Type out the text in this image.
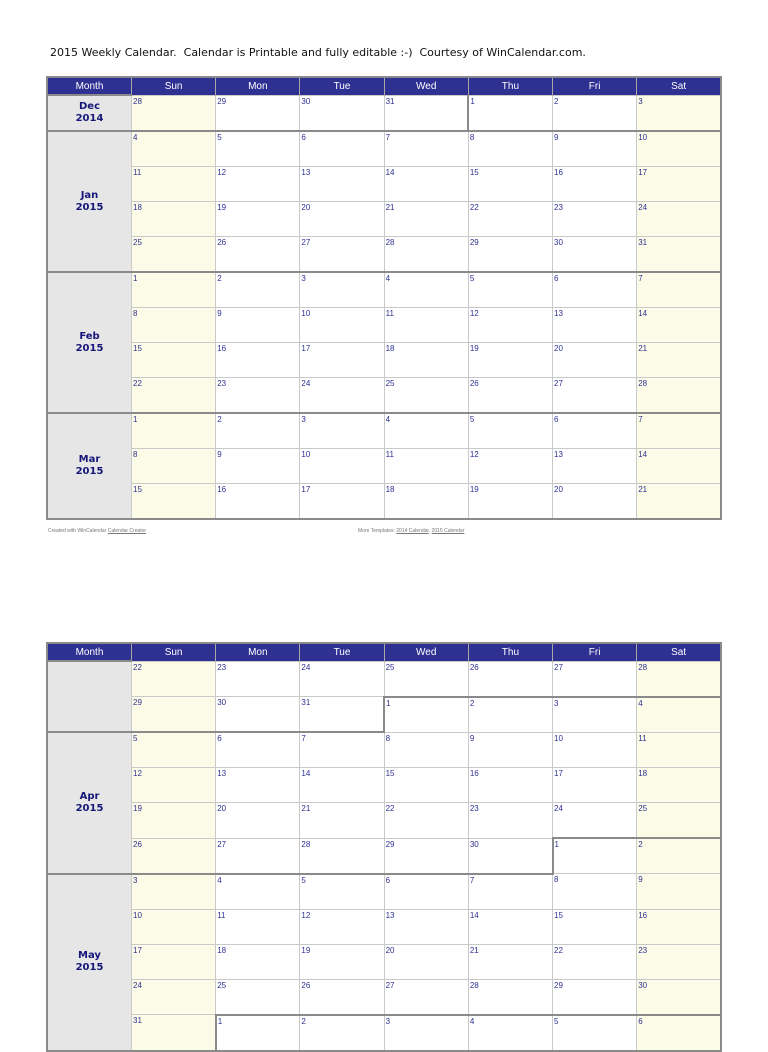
2015 Weekly Calendar.  Calendar is Printable and fully editable :-)  Courtesy of WinCalendar.com.
Month	Sun	Mon	Tue	Wed	Thu	Fri	Sat
Dec
2014	28	29	30	31	1	2	3

Jan
2015	4	5	6	7	8	9	10

	11	12	13	14	15	16	17

	18	19	20	21	22	23	24

	25	26	27	28	29	30	31

Feb
2015	1	2	3	4	5	6	7

	8	9	10	11	12	13	14

	15	16	17	18	19	20	21

	22	23	24	25	26	27	28

Mar
2015	1	2	3	4	5	6	7

	8	9	10	11	12	13	14

	15	16	17	18	19	20	21
Created with WinCalendar Calendar Creator	More Templates: 2014 Calendar, 2015 Calendar
Month	Sun	Mon	Tue	Wed	Thu	Fri	Sat

	22	23	24	25	26	27	28

	29	30	31	1	2	3	4

Apr
2015	5	6	7	8	9	10	11

	12	13	14	15	16	17	18

	19	20	21	22	23	24	25

	26	27	28	29	30	1	2

May
2015	3	4	5	6	7	8	9

	10	11	12	13	14	15	16

	17	18	19	20	21	22	23

	24	25	26	27	28	29	30

	31	1	2	3	4	5	6
